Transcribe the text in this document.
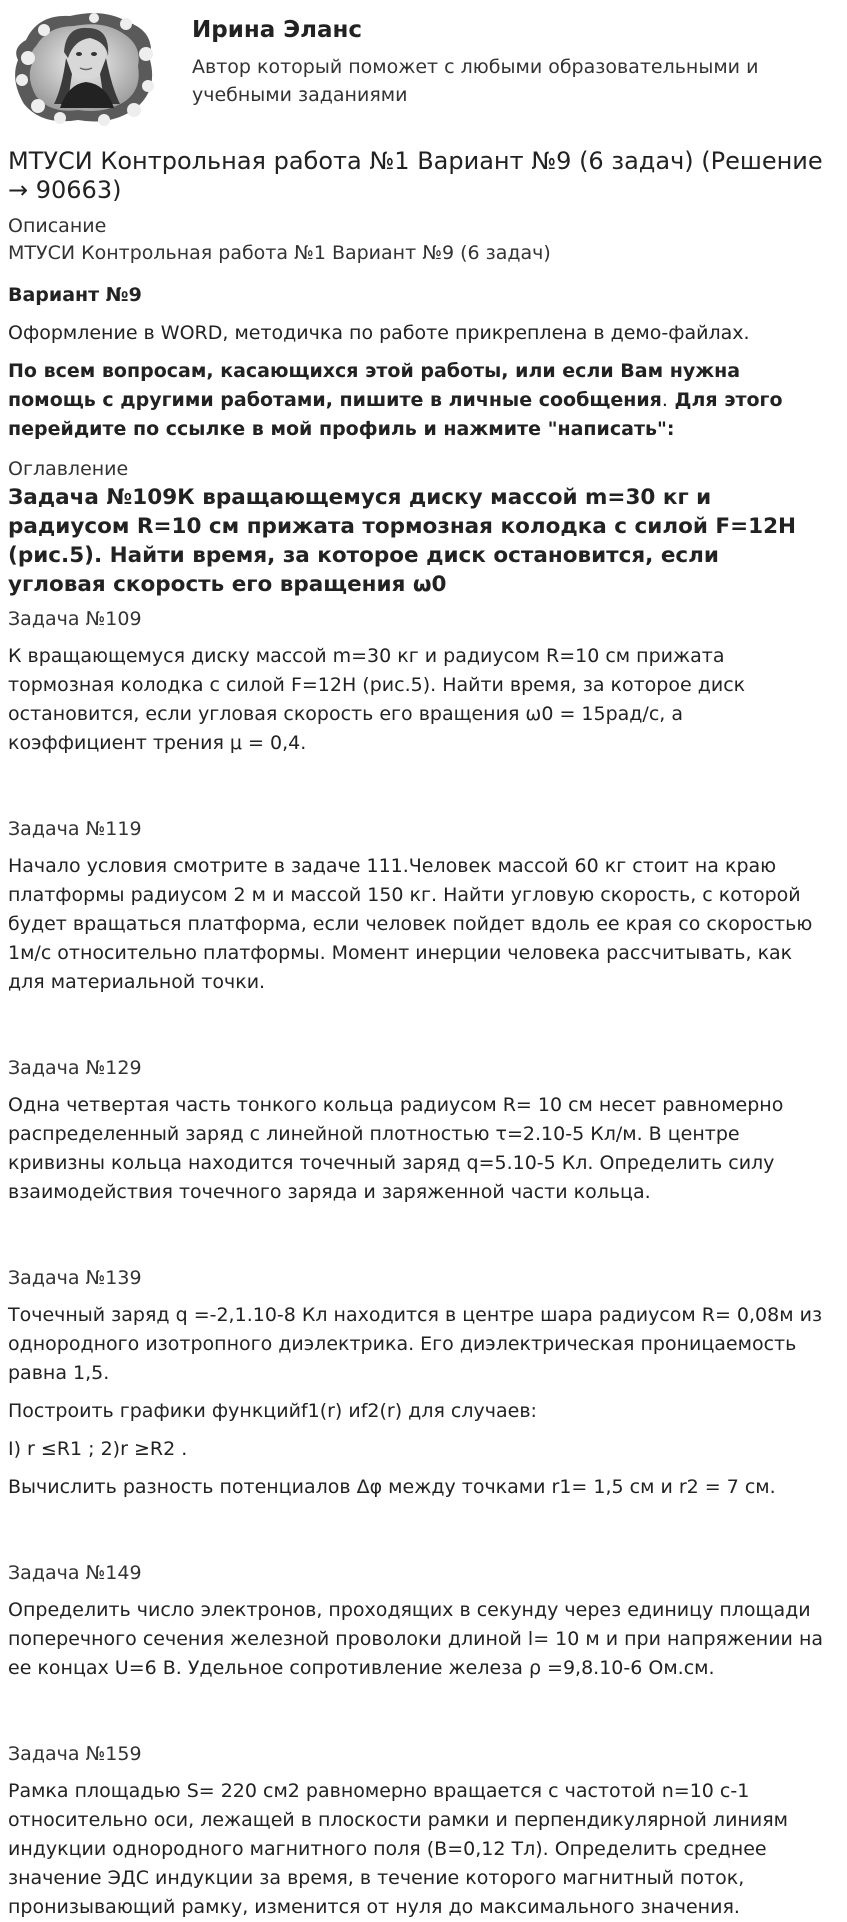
Ирина Эланс
Автор который поможет с любыми образовательными и учебными заданиями
МТУСИ Контрольная работа №1 Вариант №9 (6 задач) (Решение → 90663)
Описание
МТУСИ Контрольная работа №1 Вариант №9 (6 задач)

Вариант №9

Оформление в WORD, методичка по работе прикреплена в демо-файлах.

По всем вопросам, касающихся этой работы, или если Вам нужна помощь с другими работами, пишите в личные сообщения. Для этого перейдите по ссылке в мой профиль и нажмите "написать":

Оглавление
Задача №109К вращающемуся диску массой m=30 кг и радиусом R=10 см прижата тормозная колодка с силой F=12Н (рис.5). Найти время, за которое диск остановится, если угловая скорость его вращения ω0
Задача №109

К вращающемуся диску массой m=30 кг и радиусом R=10 см прижата тормозная колодка с силой F=12Н (рис.5). Найти время, за которое диск остановится, если угловая скорость его вращения ω0 = 15рад/с, а коэффициент трения μ = 0,4.

Задача №119

Начало условия смотрите в задаче 111.Человек массой 60 кг стоит на краю платформы радиусом 2 м и массой 150 кг. Найти угловую скорость, с которой будет вращаться платформа, если человек пойдет вдоль ее края со скоростью 1м/с относительно платформы. Момент инерции человека рассчитывать, как для материальной точки.

Задача №129

Одна четвертая часть тонкого кольца радиусом R= 10 см несет равномерно распределенный заряд с линейной плотностью τ=2.10-5 Кл/м. В центре кривизны кольца находится точечный заряд q=5.10-5 Кл. Определить силу взаимодействия точечного заряда и заряженной части кольца.

Задача №139

Точечный заряд q =-2,1.10-8 Кл находится в центре шара радиусом R= 0,08м из однородного изотропного диэлектрика. Его диэлектрическая проницаемость равна 1,5.

Построить графики функцийf1(r) иf2(r) для случаев:

I) r ≤R1 ; 2)r ≥R2 .

Вычислить разность потенциалов Δφ между точками r1= 1,5 см и r2 = 7 см.

Задача №149

Определить число электронов, проходящих в секунду через единицу площади поперечного сечения железной проволоки длиной l= 10 м и при напряжении на ее концах U=6 В. Удельное сопротивление железа ρ =9,8.10-6 Ом.см.

Задача №159

Рамка площадью S= 220 см2 равномерно вращается с частотой n=10 с-1 относительно оси, лежащей в плоскости рамки и перпендикулярной линиям индукции однородного магнитного поля (В=0,12 Тл). Определить среднее значение ЭДС индукции за время, в течение которого магнитный поток, пронизывающий рамку, изменится от нуля до максимального значения.
